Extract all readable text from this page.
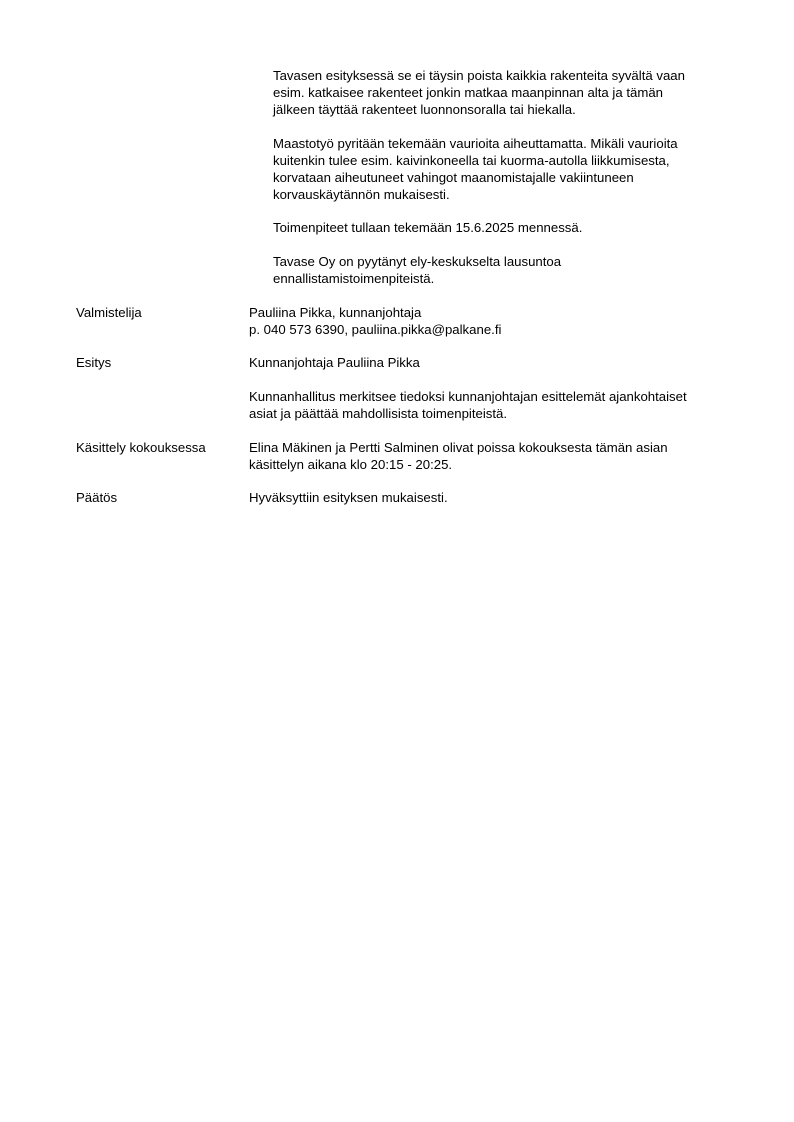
Tavasen esityksessä se ei täysin poista kaikkia rakenteita syvältä vaan
esim. katkaisee rakenteet jonkin matkaa maanpinnan alta ja tämän
jälkeen täyttää rakenteet luonnonsoralla tai hiekalla.

Maastotyö pyritään tekemään vaurioita aiheuttamatta. Mikäli vaurioita
kuitenkin tulee esim. kaivinkoneella tai kuorma-autolla liikkumisesta,
korvataan aiheutuneet vahingot maanomistajalle vakiintuneen
korvauskäytännön mukaisesti.

Toimenpiteet tullaan tekemään 15.6.2025 mennessä.

Tavase Oy on pyytänyt ely-keskukselta lausuntoa
ennallistamistoimenpiteistä.

Valmistelija	Pauliina Pikka, kunnanjohtaja
p. 040 573 6390, pauliina.pikka@palkane.fi

Esitys	Kunnanjohtaja Pauliina Pikka

Kunnanhallitus merkitsee tiedoksi kunnanjohtajan esittelemät ajankohtaiset
asiat ja päättää mahdollisista toimenpiteistä.

Käsittely kokouksessa	Elina Mäkinen ja Pertti Salminen olivat poissa kokouksesta tämän asian
käsittelyn aikana klo 20:15 - 20:25.

Päätös	Hyväksyttiin esityksen mukaisesti.
